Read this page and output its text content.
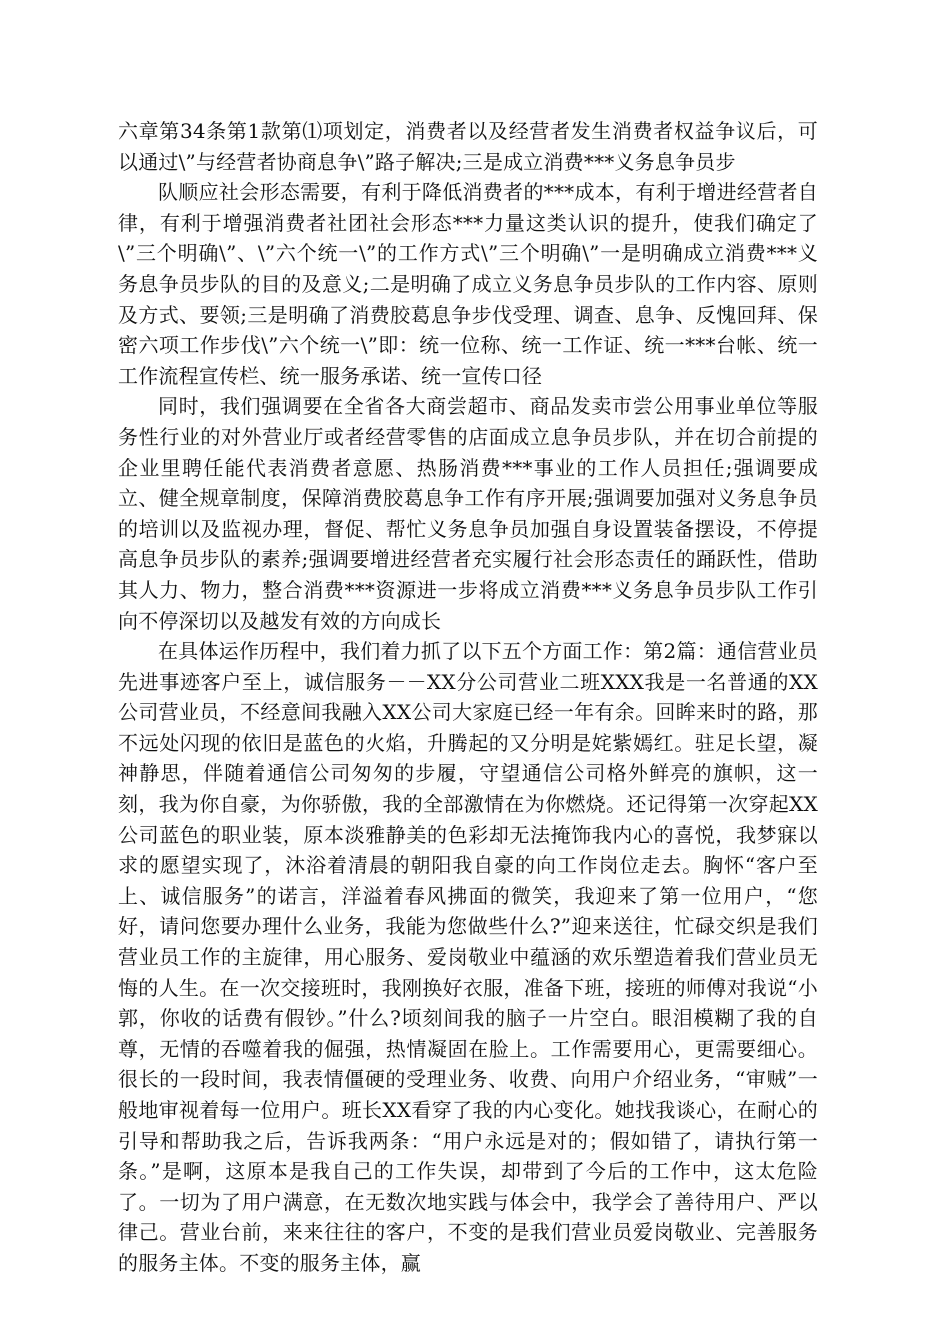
六章第34条第1款第⑴项划定，消费者以及经营者发生消费者权益争议后，可以通过\”与经营者协商息争\”路子解决;三是成立消费***义务息争员步

队顺应社会形态需要，有利于降低消费者的***成本，有利于增进经营者自律，有利于增强消费者社团社会形态***力量这类认识的提升，使我们确定了\”三个明确\”、\”六个统一\”的工作方式\”三个明确\”一是明确成立消费***义务息争员步队的目的及意义;二是明确了成立义务息争员步队的工作内容、原则及方式、要领;三是明确了消费胶葛息争步伐受理、调查、息争、反愧回拜、保密六项工作步伐\”六个统一\”即：统一位称、统一工作证、统一***台帐、统一工作流程宣传栏、统一服务承诺、统一宣传口径

同时，我们强调要在全省各大商尝超市、商品发卖市尝公用事业单位等服务性行业的对外营业厅或者经营零售的店面成立息争员步队，并在切合前提的企业里聘任能代表消费者意愿、热肠消费***事业的工作人员担任;强调要成立、健全规章制度，保障消费胶葛息争工作有序开展;强调要加强对义务息争员的培训以及监视办理，督促、帮忙义务息争员加强自身设置装备摆设，不停提高息争员步队的素养;强调要增进经营者充实履行社会形态责任的踊跃性，借助其人力、物力，整合消费***资源进一步将成立消费***义务息争员步队工作引向不停深切以及越发有效的方向成长

在具体运作历程中，我们着力抓了以下五个方面工作：第2篇：通信营业员先进事迹客户至上，诚信服务－－XX分公司营业二班XXX我是一名普通的XX公司营业员，不经意间我融入XX公司大家庭已经一年有余。回眸来时的路，那不远处闪现的依旧是蓝色的火焰，升腾起的又分明是姹紫嫣红。驻足长望，凝神静思，伴随着通信公司匆匆的步履，守望通信公司格外鲜亮的旗帜，这一刻，我为你自豪，为你骄傲，我的全部激情在为你燃烧。还记得第一次穿起XX公司蓝色的职业装，原本淡雅静美的色彩却无法掩饰我内心的喜悦，我梦寐以求的愿望实现了，沐浴着清晨的朝阳我自豪的向工作岗位走去。胸怀“客户至上、诚信服务”的诺言，洋溢着春风拂面的微笑，我迎来了第一位用户，“您好，请问您要办理什么业务，我能为您做些什么?”迎来送往，忙碌交织是我们营业员工作的主旋律，用心服务、爱岗敬业中蕴涵的欢乐塑造着我们营业员无悔的人生。在一次交接班时，我刚换好衣服，准备下班，接班的师傅对我说“小郭，你收的话费有假钞。”什么?顷刻间我的脑子一片空白。眼泪模糊了我的自尊，无情的吞噬着我的倔强，热情凝固在脸上。工作需要用心，更需要细心。很长的一段时间，我表情僵硬的受理业务、收费、向用户介绍业务，“审贼”一般地审视着每一位用户。班长XX看穿了我的内心变化。她找我谈心，在耐心的引导和帮助我之后，告诉我两条：“用户永远是对的；假如错了，请执行第一条。”是啊，这原本是我自己的工作失误，却带到了今后的工作中，这太危险了。一切为了用户满意，在无数次地实践与体会中，我学会了善待用户、严以律己。营业台前，来来往往的客户，不变的是我们营业员爱岗敬业、完善服务的服务主体。不变的服务主体，赢
